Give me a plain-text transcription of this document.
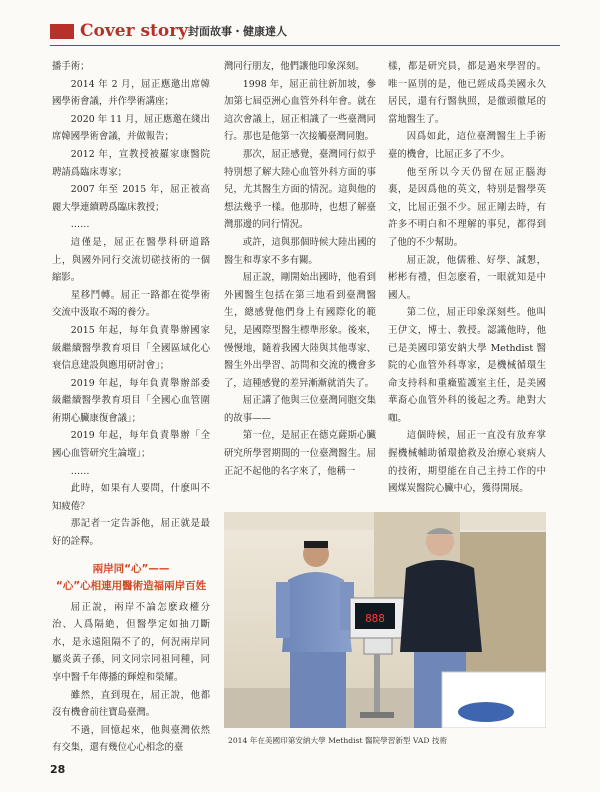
Cover story 封面故事・健康達人

播手術；

2014 年 2 月，屈正應邀出席韓國學術會議，并作學術講座；

2020 年 11 月，屈正應邀在綫出席韓國學術會議，并做報告；

2012 年，宣教授被羅家康醫院聘請爲臨床專家；

2007 年至 2015 年，屈正被高麗大學連續聘爲臨床教授；

……

這僅是，屈正在醫學科研道路上，與國外同行交流切磋技術的一個縮影。

星移鬥轉。屈正一路都在從學術交流中汲取不竭的養分。

2015 年起，每年負責舉辦國家級繼續醫學教育項目「全國區域化心衰信息建設與應用研討會」；

2019 年起，每年負責舉辦部委級繼續醫學教育項目「全國心血管圍術期心臟康復會議」；

2019 年起，每年負責舉辦「全國心血管研究生論壇」；

……

此時，如果有人要問，什麽叫不知疲倦？

那記者一定告訴他，屈正就是最好的詮釋。

兩岸同“心”——
“心”心相連用醫術造福兩岸百姓

屈正說，兩岸不論怎麽政權分治、人爲隔絶，但醫學定如抽刀斷水，是永遠阻隔不了的，何況兩岸同屬炎黃子孫，同文同宗同祖同種，同享中醫千年傳播的輝煌和榮耀。

雖然，直到現在，屈正說，他都沒有機會前往寶島臺灣。

不過，回憶起來，他與臺灣依然有交集，還有幾位心心相念的臺

灣同行朋友，他們讓他印象深刻。

1998 年，屈正前往新加坡，參加第七屆亞洲心血管外科年會。就在這次會議上，屈正相識了一些臺灣同行。那也是他第一次接觸臺灣同胞。

那次，屈正感覺，臺灣同行似乎特別想了解大陸心血管外科方面的事兒，尤其醫生方面的情況。這與他的想法幾乎一樣。他那時，也想了解臺灣那邊的同行情況。

或許，這與那個時候大陸出國的醫生和專家不多有關。

屈正說，剛開始出國時，他看到外國醫生包括在第三地看到臺灣醫生，總感覺他們身上有國際化的範兒，是國際型醫生標準形象。後來，慢慢地，隨着我國大陸與其他專家、醫生外出學習、訪問和交流的機會多了，這種感覺的差异漸漸就消失了。

屈正講了他與三位臺灣同胞交集的故事——

第一位，是屈正在德克薩斯心臟研究所學習期間的一位臺灣醫生。屈正記不起他的名字來了，他稱一

樣，都是研究員，都是過來學習的。唯一區別的是，他已經成爲美國永久居民，還有行醫執照，是徹頭徹尾的當地醫生了。

因爲如此，這位臺灣醫生上手術臺的機會，比屈正多了不少。

他至所以今天仍留在屈正腦海裏，是因爲他的英文，特别是醫學英文，比屈正强不少。屈正剛去時，有許多不明白和不理解的事兒，都得到了他的不少幫助。

屈正說，他儒雅、好學、誠懇，彬彬有禮，但怎麽看，一眼就知是中國人。

第二位，屈正印象深刻些。他叫王伊文，博士、教授。認識他時，他已是美國印第安納大學 Methdist 醫院的心血管外科專家，是機械循環生命支持科和重癥監護室主任，是美國華裔心血管外科的後起之秀。絶對大咖。

這個時候，屈正一直没有放弃掌握機械輔助循環搶救及治療心衰病人的技術，期望能在自己主持工作的中國煤炭醫院心臟中心，獲得開展。

888
2014 年在美國印第安納大學 Methdist 醫院學習新型 VAD 技術
28
